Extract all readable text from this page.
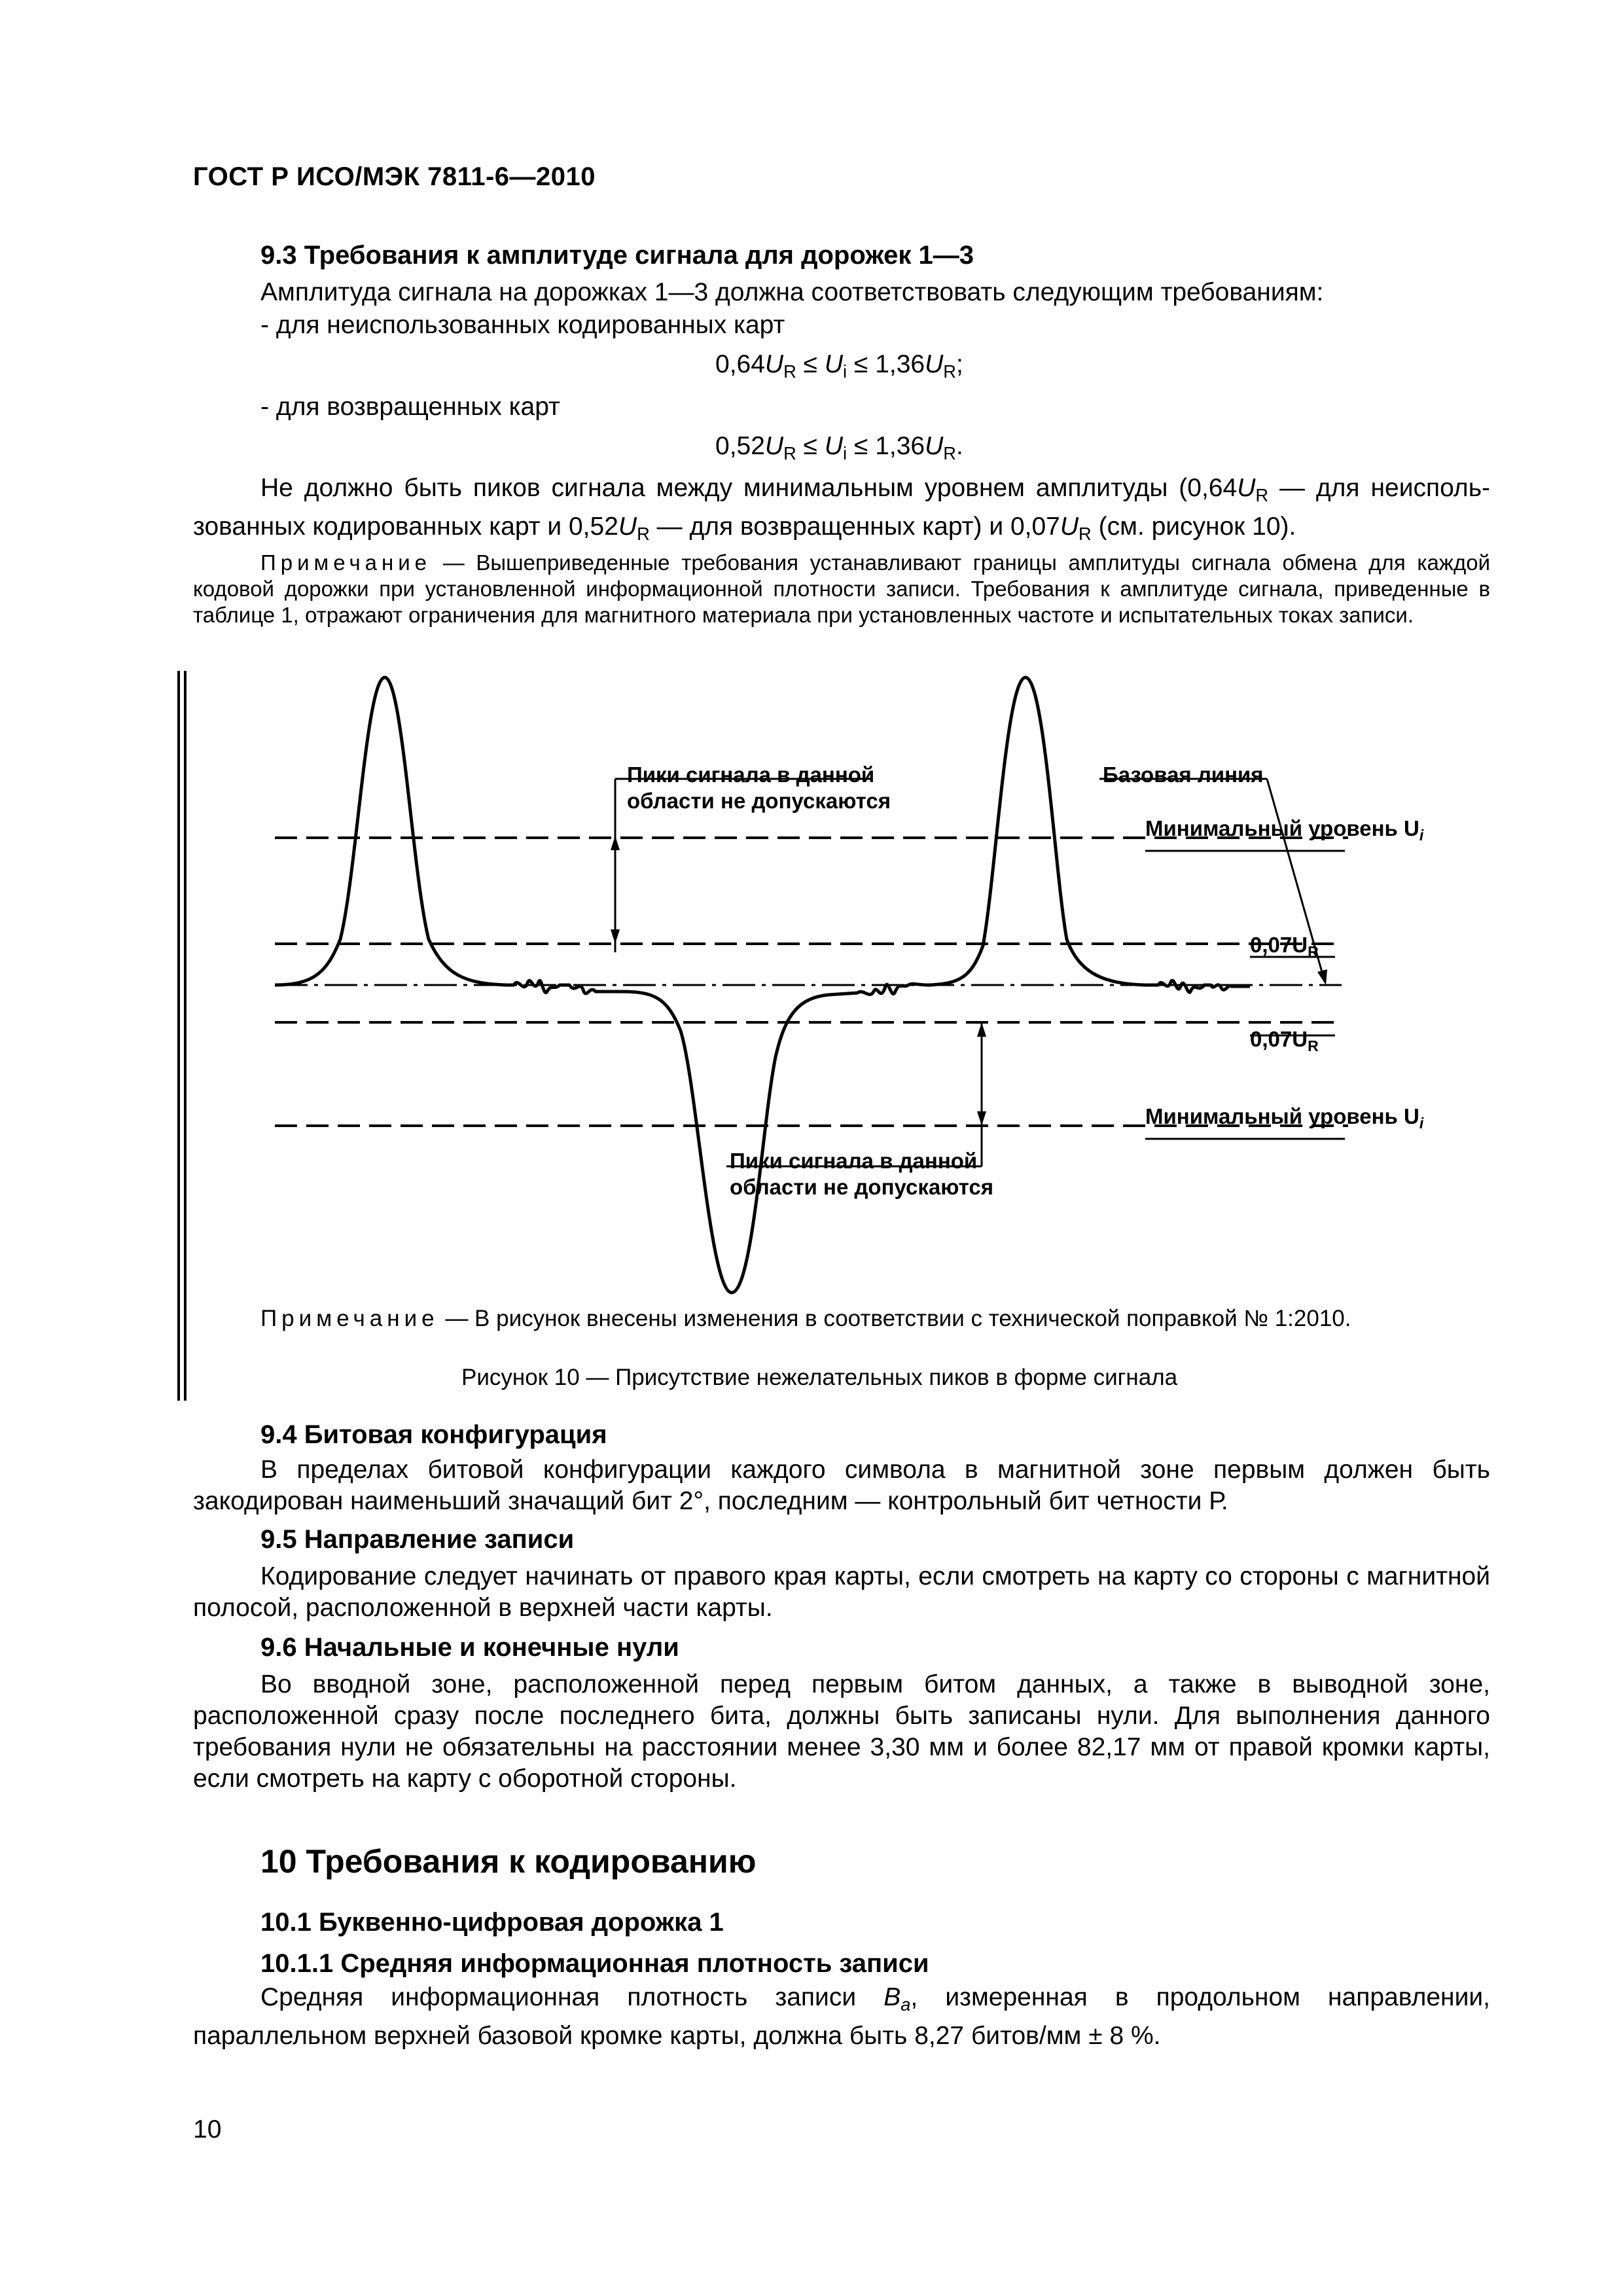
ГОСТ Р ИСО/МЭК 7811-6—2010
9.3 Требования к амплитуде сигнала для дорожек 1—3
Амплитуда сигнала на дорожках 1—3 должна соответствовать следующим требованиям:
- для неиспользованных кодированных карт
$0,64U_R \le U_i \le 1,36U_R$;
- для возвращенных карт
$0,52U_R \le U_i \le 1,36U_R$.
Не должно быть пиков сигнала между минимальным уровнем амплитуды ($0,64U_R$ — для неисполь-зованных кодированных карт и $0,52U_R$ — для возвращенных карт) и $0,07U_R$ (см. рисунок 10).
Примечание — Вышеприведенные требования устанавливают границы амплитуды сигнала обмена для каждой кодовой дорожки при установленной информационной плотности записи. Требования к амплитуде сигнала, приведенные в таблице 1, отражают ограничения для магнитного материала при установленных частоте и испытательных токах записи.
Пики сигнала в данной
области не допускаются
Базовая линия
Минимальный уровень $U_i$
$0,07U_R$
$0,07U_R$
Минимальный уровень $U_i$
Пики сигнала в данной
области не допускаются
Примечание — В рисунок внесены изменения в соответствии с технической поправкой № 1:2010.
Рисунок 10 — Присутствие нежелательных пиков в форме сигнала
9.4 Битовая конфигурация
В пределах битовой конфигурации каждого символа в магнитной зоне первым должен быть закодирован наименьший значащий бит 2°, последним — контрольный бит четности Р.
9.5 Направление записи
Кодирование следует начинать от правого края карты, если смотреть на карту со стороны с магнитной полосой, расположенной в верхней части карты.
9.6 Начальные и конечные нули
Во вводной зоне, расположенной перед первым битом данных, а также в выводной зоне, расположенной сразу после последнего бита, должны быть записаны нули. Для выполнения данного требования нули не обязательны на расстоянии менее 3,30 мм и более 82,17 мм от правой кромки карты, если смотреть на карту с оборотной стороны.
10 Требования к кодированию
10.1 Буквенно-цифровая дорожка 1
10.1.1 Средняя информационная плотность записи
Средняя информационная плотность записи $B_a$, измеренная в продольном направлении, параллельном верхней базовой кромке карты, должна быть 8,27 битов/мм ± 8 %.
10
